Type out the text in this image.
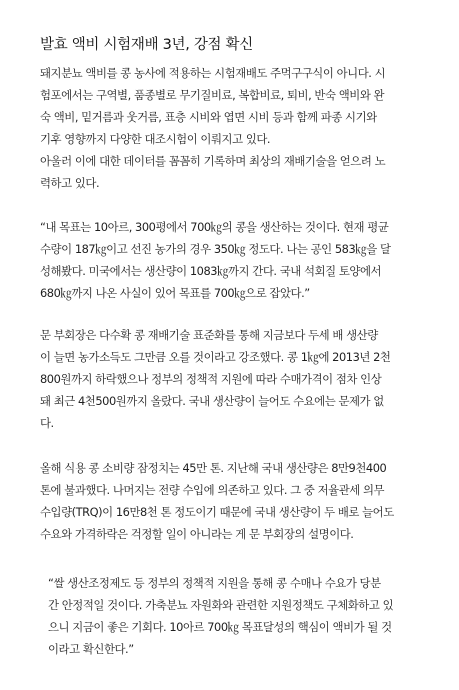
발효 액비 시험재배 3년, 강점 확신
돼지분뇨 액비를 콩 농사에 적용하는 시험재배도 주먹구구식이 아니다. 시
험포에서는 구역별, 품종별로 무기질비료, 복합비료, 퇴비, 반숙 액비와 완
숙 액비, 밑거름과 웃거름, 표층 시비와 엽면 시비 등과 함께 파종 시기와
기후 영향까지 다양한 대조시험이 이뤄지고 있다.
아울러 이에 대한 데이터를 꼼꼼히 기록하며 최상의 재배기술을 얻으려 노
력하고 있다.
“내 목표는 10아르, 300평에서 700㎏의 콩을 생산하는 것이다. 현재 평균
수량이 187㎏이고 선진 농가의 경우 350㎏ 정도다. 나는 공인 583㎏을 달
성해봤다. 미국에서는 생산량이 1083㎏까지 간다. 국내 석회질 토양에서
680㎏까지 나온 사실이 있어 목표를 700㎏으로 잡았다.”
문 부회장은 다수확 콩 재배기술 표준화를 통해 지금보다 두세 배 생산량
이 늘면 농가소득도 그만큼 오를 것이라고 강조했다. 콩 1㎏에 2013년 2천
800원까지 하락했으나 정부의 정책적 지원에 따라 수매가격이 점차 인상
돼 최근 4천500원까지 올랐다. 국내 생산량이 늘어도 수요에는 문제가 없
다.
올해 식용 콩 소비량 잠정치는 45만 톤. 지난해 국내 생산량은 8만9천400
톤에 불과했다. 나머지는 전량 수입에 의존하고 있다. 그 중 저율관세 의무
수입량(TRQ)이 16만8천 톤 정도이기 때문에 국내 생산량이 두 배로 늘어도
수요와 가격하락은 걱정할 일이 아니라는 게 문 부회장의 설명이다.
“쌀 생산조정제도 등 정부의 정책적 지원을 통해 콩 수매나 수요가 당분
간 안정적일 것이다. 가축분뇨 자원화와 관련한 지원정책도 구체화하고 있
으니 지금이 좋은 기회다. 10아르 700㎏ 목표달성의 핵심이 액비가 될 것
이라고 확신한다.”
